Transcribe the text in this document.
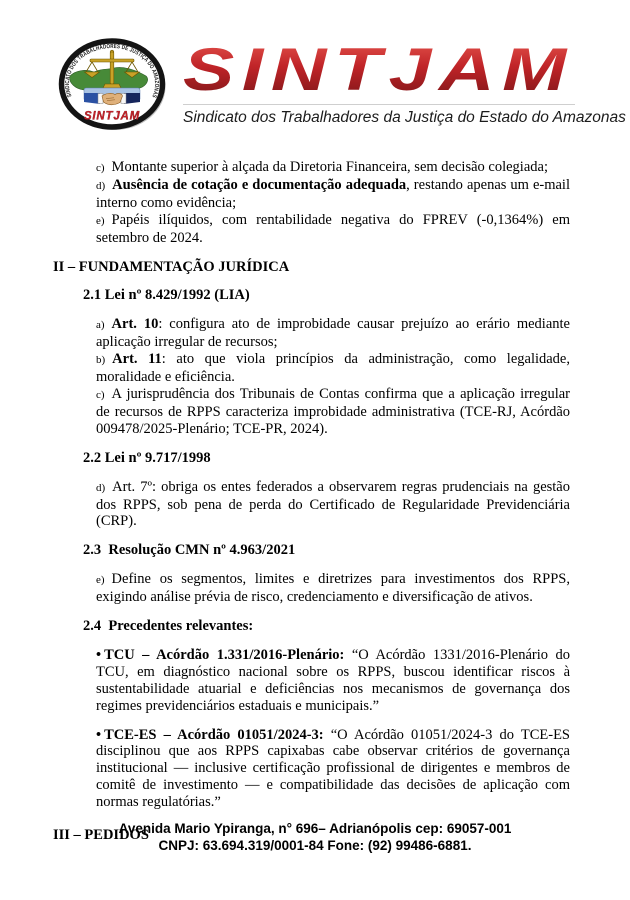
SINDICATO DOS TRABALHADORES DE JUSTIÇA DO AMAZONAS
SINTJAM
SINTJAM
Sindicato dos Trabalhadores da Justiça do Estado do Amazonas

c) Montante superior à alçada da Diretoria Financeira, sem decisão colegiada;

d) Ausência de cotação e documentação adequada, restando apenas um e-mail interno como evidência;

e) Papéis ilíquidos, com rentabilidade negativa do FPREV (-0,1364%) em setembro de 2024.

II – FUNDAMENTAÇÃO JURÍDICA
2.1 Lei nº 8.429/1992 (LIA)

a) Art. 10: configura ato de improbidade causar prejuízo ao erário mediante aplicação irregular de recursos;

b) Art. 11: ato que viola princípios da administração, como legalidade, moralidade e eficiência.

c) A jurisprudência dos Tribunais de Contas confirma que a aplicação irregular de recursos de RPPS caracteriza improbidade administrativa (TCE-RJ, Acórdão 009478/2025-Plenário; TCE-PR, 2024).

2.2 Lei nº 9.717/1998

d) Art. 7º: obriga os entes federados a observarem regras prudenciais na gestão dos RPPS, sob pena de perda do Certificado de Regularidade Previdenciária (CRP).

2.3  Resolução CMN nº 4.963/2021

e) Define os segmentos, limites e diretrizes para investimentos dos RPPS, exigindo análise prévia de risco, credenciamento e diversificação de ativos.

2.4  Precedentes relevantes:

• TCU – Acórdão 1.331/2016-Plenário: “O Acórdão 1331/2016-Plenário do TCU, em diagnóstico nacional sobre os RPPS, buscou identificar riscos à sustentabilidade atuarial e deficiências nos mecanismos de governança dos regimes previdenciários estaduais e municipais.”

• TCE-ES – Acórdão 01051/2024-3: “O Acórdão 01051/2024-3 do TCE-ES disciplinou que aos RPPS capixabas cabe observar critérios de governança institucional — inclusive certificação profissional de dirigentes e membros de comitê de investimento — e compatibilidade das decisões de aplicação com normas regulatórias.”

III – PEDIDOS
Avenida Mario Ypiranga, n° 696– Adrianópolis cep: 69057-001
CNPJ: 63.694.319/0001-84 Fone: (92) 99486-6881.
